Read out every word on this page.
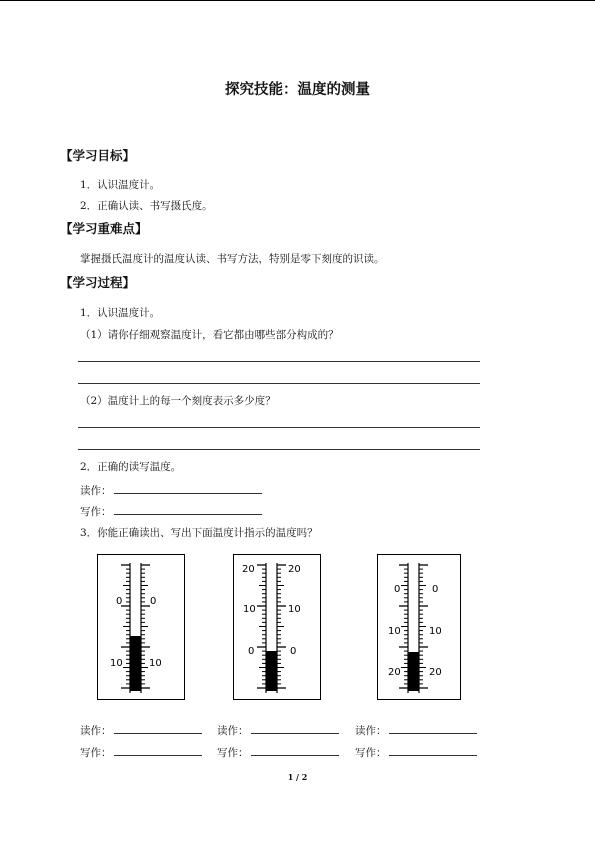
探究技能：温度的测量
【学习目标】
1．认识温度计。
2．正确认读、书写摄氏度。
【学习重难点】
掌握摄氏温度计的温度认读、书写方法，特别是零下刻度的识读。
【学习过程】
1．认识温度计。
（1）请你仔细观察温度计，看它都由哪些部分构成的？
（2）温度计上的每一个刻度表示多少度？
2．正确的读写温度。
读作：
写作：
3．你能正确读出、写出下面温度计指示的温度吗？
0	0
10	10
20	20
10	10
0	0
0	0
10	10
20	20
读作：
写作：
读作：
写作：
读作：
写作：
1 / 2
